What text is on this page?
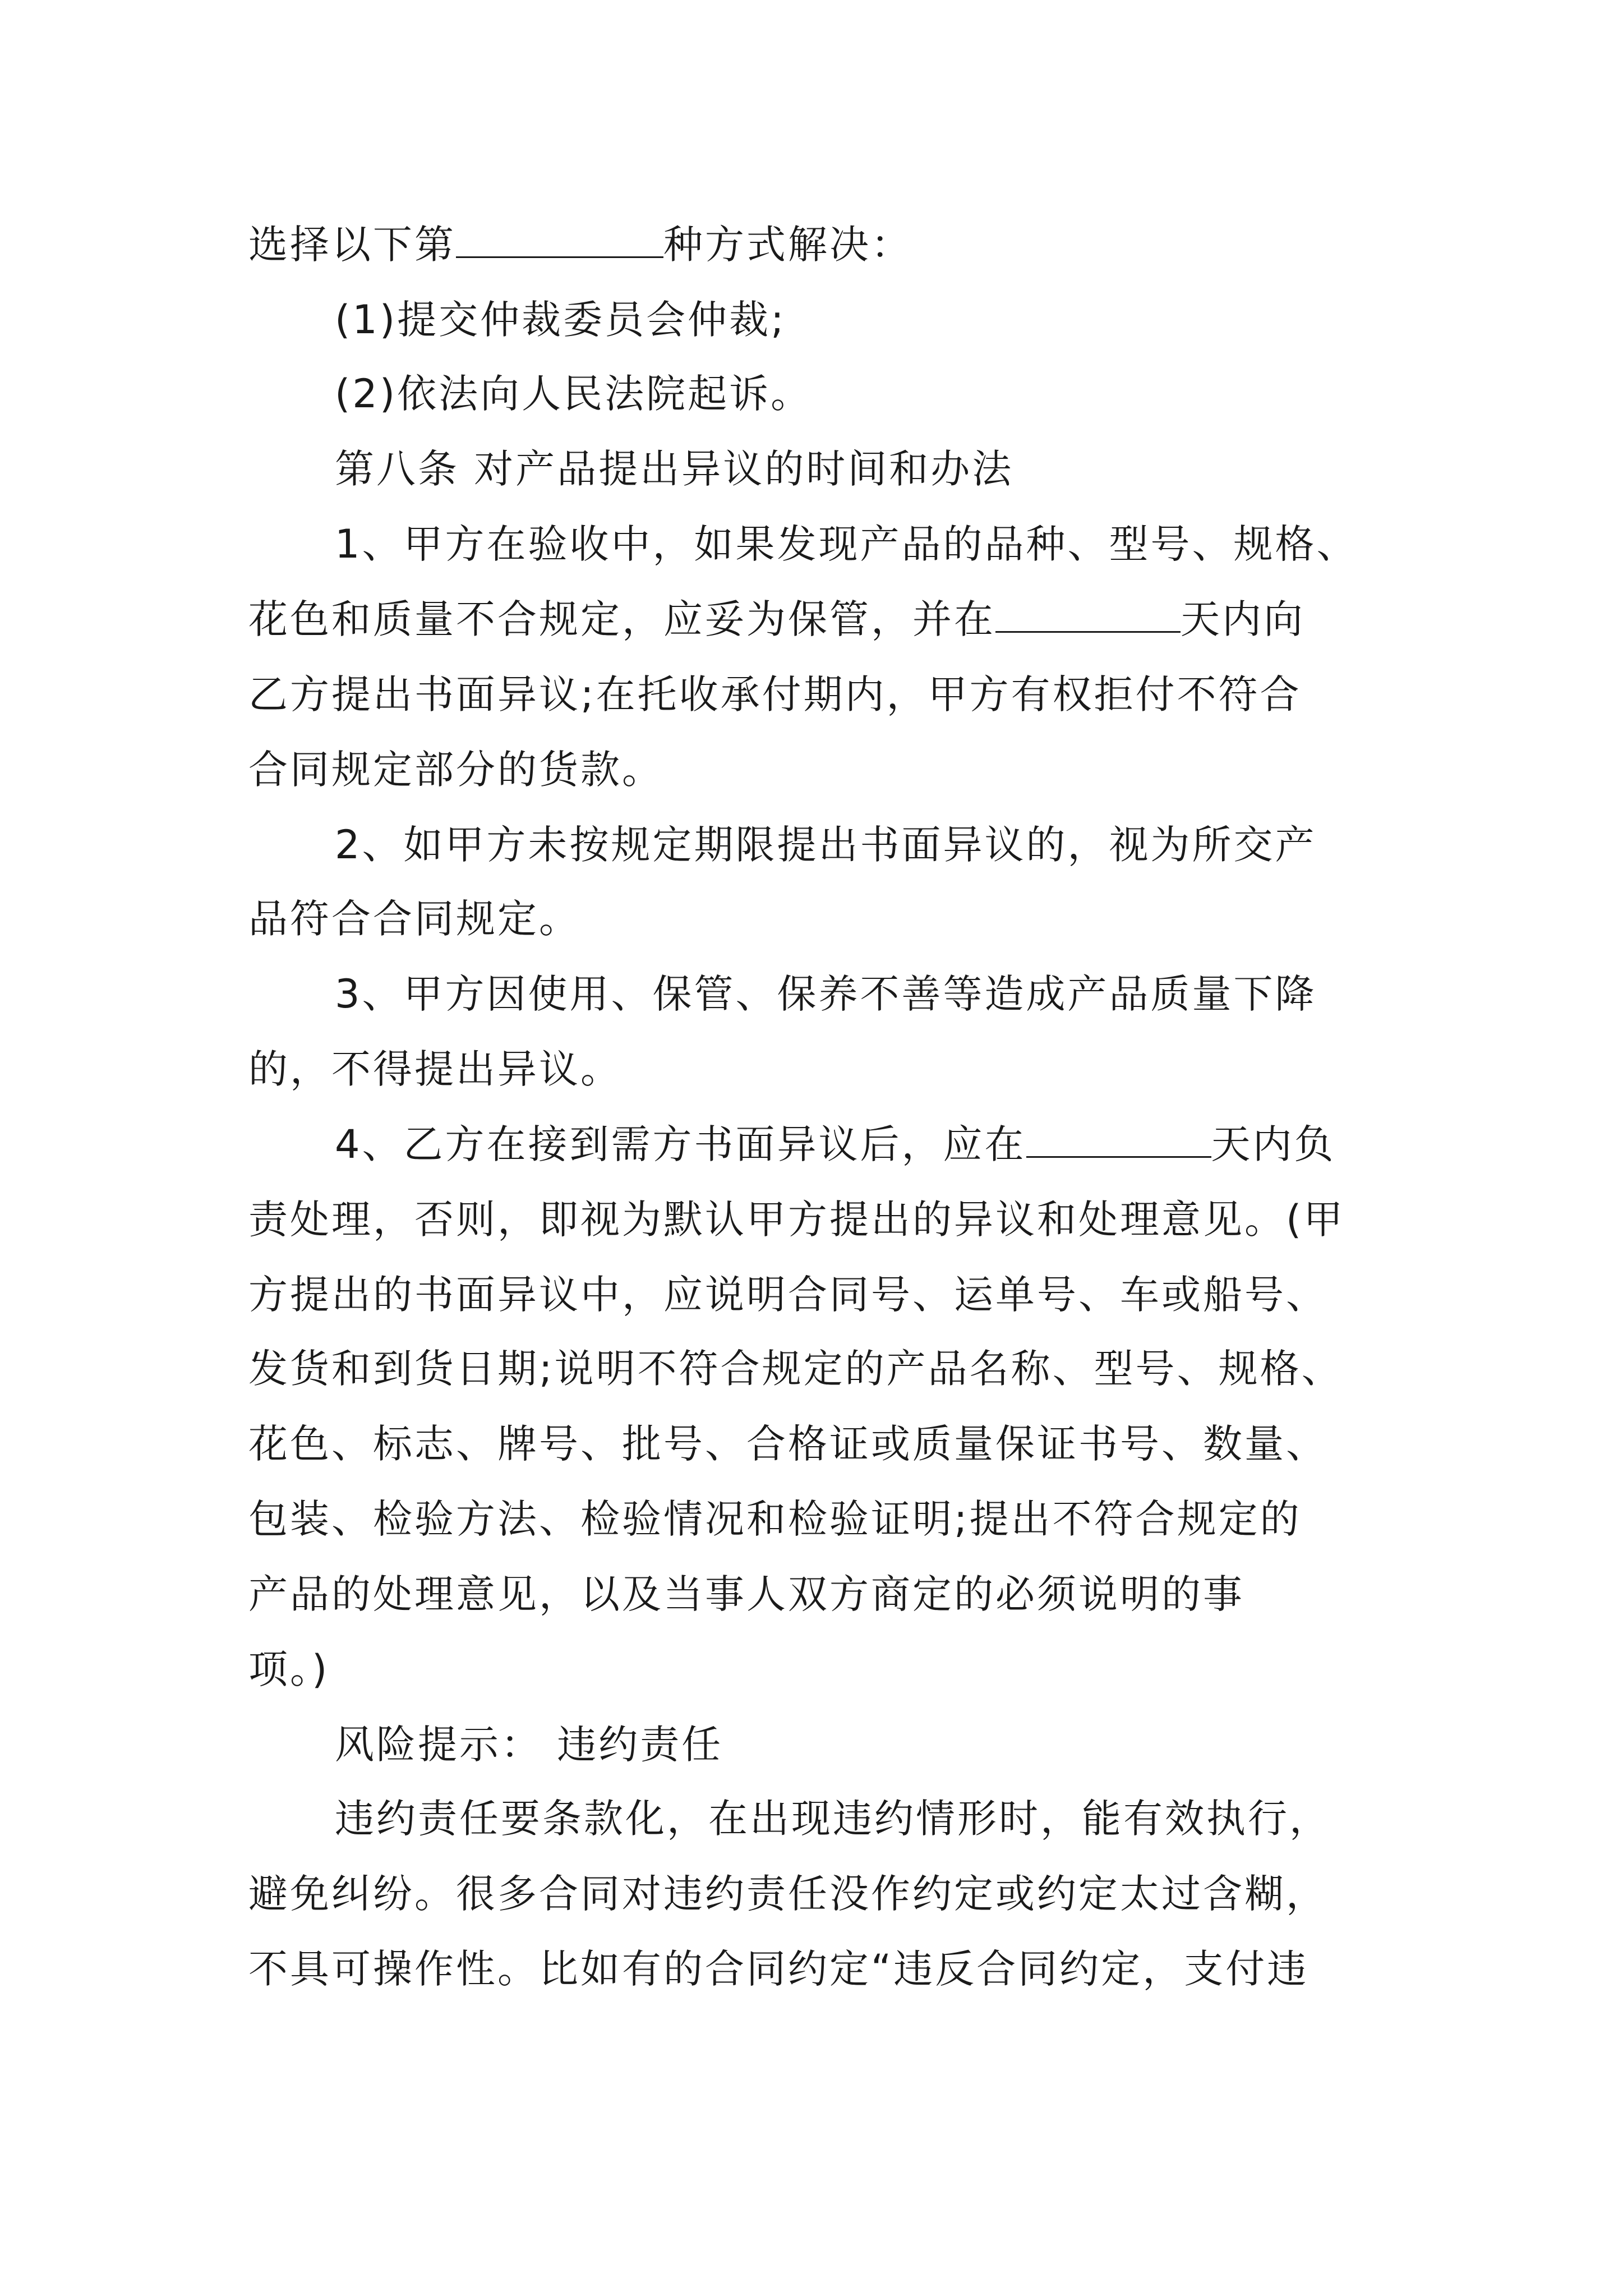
选择以下第	种方式解决：

(1)提交仲裁委员会仲裁;

(2)依法向人民法院起诉。

第八条 对产品提出异议的时间和办法

1、甲方在验收中，如果发现产品的品种、型号、规格、

花色和质量不合规定，应妥为保管，并在	天内向

乙方提出书面异议;在托收承付期内，甲方有权拒付不符合

合同规定部分的货款。

2、如甲方未按规定期限提出书面异议的，视为所交产

品符合合同规定。

3、甲方因使用、保管、保养不善等造成产品质量下降

的，不得提出异议。

4、乙方在接到需方书面异议后，应在	天内负

责处理，否则，即视为默认甲方提出的异议和处理意见。(甲

方提出的书面异议中，应说明合同号、运单号、车或船号、

发货和到货日期;说明不符合规定的产品名称、型号、规格、

花色、标志、牌号、批号、合格证或质量保证书号、数量、

包装、检验方法、检验情况和检验证明;提出不符合规定的

产品的处理意见，以及当事人双方商定的必须说明的事

项。)

风险提示： 违约责任

违约责任要条款化，在出现违约情形时，能有效执行，

避免纠纷。很多合同对违约责任没作约定或约定太过含糊，

不具可操作性。比如有的合同约定“违反合同约定，支付违
